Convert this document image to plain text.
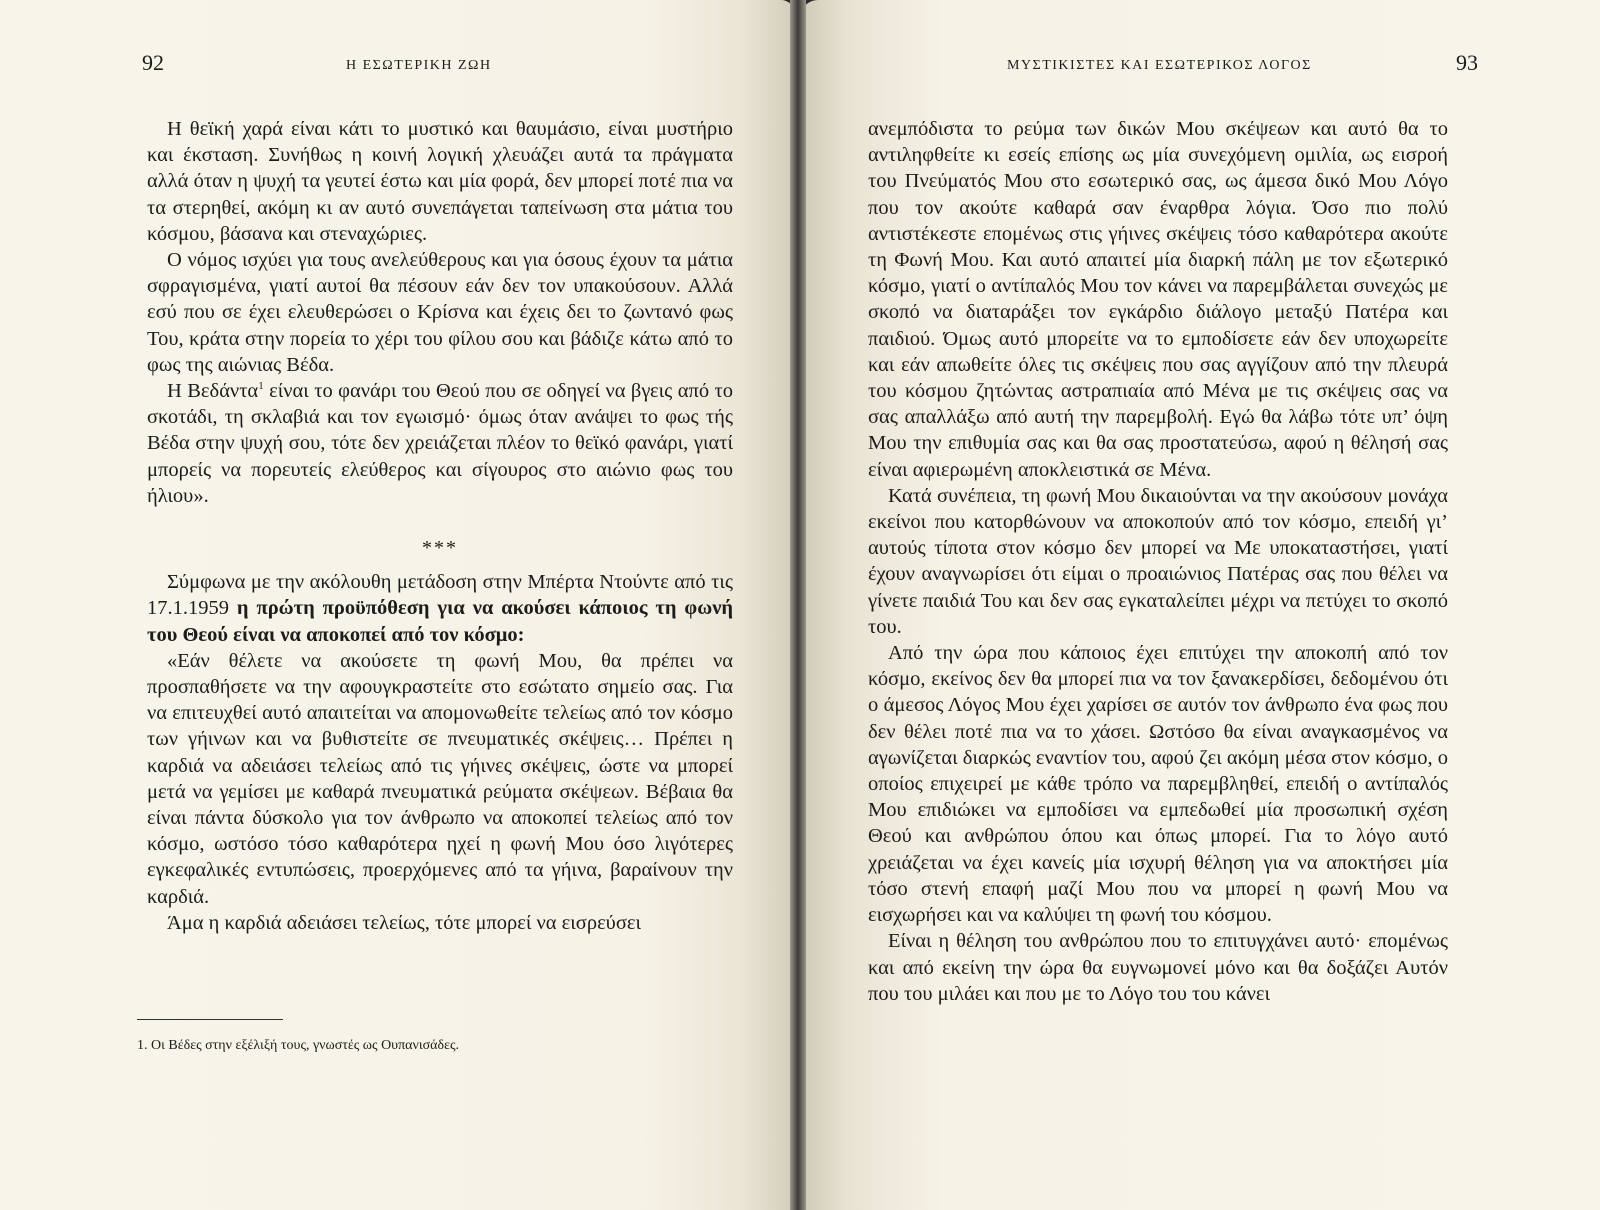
92	Η ΕΣΩΤΕΡΙΚΗ ΖΩΗ

Η θεϊκή χαρά είναι κάτι το μυστικό και θαυμάσιο, είναι μυστήριο και έκσταση. Συνήθως η κοινή λογική χλευάζει αυτά τα πράγματα αλλά όταν η ψυχή τα γευτεί έστω και μία φορά, δεν μπορεί ποτέ πια να τα στερηθεί, ακόμη κι αν αυτό συνεπάγεται ταπείνωση στα μάτια του κόσμου, βάσανα και στεναχώριες.

Ο νόμος ισχύει για τους ανελεύθερους και για όσους έχουν τα μάτια σφραγισμένα, γιατί αυτοί θα πέσουν εάν δεν τον υπακούσουν. Αλλά εσύ που σε έχει ελευθερώσει ο Κρίσνα και έχεις δει το ζωντανό φως Του, κράτα στην πορεία το χέρι του φίλου σου και βάδιζε κάτω από το φως της αιώνιας Βέδα.

Η Βεδάντα$^1$ είναι το φανάρι του Θεού που σε οδηγεί να βγεις από το σκοτάδι, τη σκλαβιά και τον εγωισμό· όμως όταν ανάψει το φως τής Βέδα στην ψυχή σου, τότε δεν χρειάζεται πλέον το θεϊκό φανάρι, γιατί μπορείς να πορευτείς ελεύθερος και σίγουρος στο αιώνιο φως του ήλιου».

***

Σύμφωνα με την ακόλουθη μετάδοση στην Μπέρτα Ντούντε από τις 17.1.1959 η πρώτη προϋπόθεση για να ακούσει κάποιος τη φωνή του Θεού είναι να αποκοπεί από τον κόσμο:

«Εάν θέλετε να ακούσετε τη φωνή Μου, θα πρέπει να προσπαθήσετε να την αφουγκραστείτε στο εσώτατο σημείο σας. Για να επιτευχθεί αυτό απαιτείται να απομονωθείτε τελείως από τον κόσμο των γήινων και να βυθιστείτε σε πνευματικές σκέψεις… Πρέπει η καρδιά να αδειάσει τελείως από τις γήινες σκέψεις, ώστε να μπορεί μετά να γεμίσει με καθαρά πνευματικά ρεύματα σκέψεων. Βέβαια θα είναι πάντα δύσκολο για τον άνθρωπο να αποκοπεί τελείως από τον κόσμο, ωστόσο τόσο καθαρότερα ηχεί η φωνή Μου όσο λιγότερες εγκεφαλικές εντυπώσεις, προερχόμενες από τα γήινα, βαραίνουν την καρδιά.

Άμα η καρδιά αδειάσει τελείως, τότε μπορεί να εισρεύσει

1. Οι Βέδες στην εξέλιξή τους, γνωστές ως Ουπανισάδες.
ΜΥΣΤΙΚΙΣΤΕΣ ΚΑΙ ΕΣΩΤΕΡΙΚΟΣ ΛΟΓΟΣ	93

ανεμπόδιστα το ρεύμα των δικών Μου σκέψεων και αυτό θα το αντιληφθείτε κι εσείς επίσης ως μία συνεχόμενη ομιλία, ως εισροή του Πνεύματός Μου στο εσωτερικό σας, ως άμεσα δικό Μου Λόγο που τον ακούτε καθαρά σαν έναρθρα λόγια. Όσο πιο πολύ αντιστέκεστε επομένως στις γήινες σκέψεις τόσο καθαρότερα ακούτε τη Φωνή Μου. Και αυτό απαιτεί μία διαρκή πάλη με τον εξωτερικό κόσμο, γιατί ο αντίπαλός Μου τον κάνει να παρεμβάλεται συνεχώς με σκοπό να διαταράξει τον εγκάρδιο διάλογο μεταξύ Πατέρα και παιδιού. Όμως αυτό μπορείτε να το εμποδίσετε εάν δεν υποχωρείτε και εάν απωθείτε όλες τις σκέψεις που σας αγγίζουν από την πλευρά του κόσμου ζητώντας αστραπιαία από Μένα με τις σκέψεις σας να σας απαλλάξω από αυτή την παρεμβολή. Εγώ θα λάβω τότε υπ’ όψη Μου την επιθυμία σας και θα σας προστατεύσω, αφού η θέλησή σας είναι αφιερωμένη αποκλειστικά σε Μένα.

Κατά συνέπεια, τη φωνή Μου δικαιούνται να την ακούσουν μονάχα εκείνοι που κατορθώνουν να αποκοπούν από τον κόσμο, επειδή γι’ αυτούς τίποτα στον κόσμο δεν μπορεί να Με υποκαταστήσει, γιατί έχουν αναγνωρίσει ότι είμαι ο προαιώνιος Πατέρας σας που θέλει να γίνετε παιδιά Του και δεν σας εγκαταλείπει μέχρι να πετύχει το σκοπό του.

Από την ώρα που κάποιος έχει επιτύχει την αποκοπή από τον κόσμο, εκείνος δεν θα μπορεί πια να τον ξανακερδίσει, δεδομένου ότι ο άμεσος Λόγος Μου έχει χαρίσει σε αυτόν τον άνθρωπο ένα φως που δεν θέλει ποτέ πια να το χάσει. Ωστόσο θα είναι αναγκασμένος να αγωνίζεται διαρκώς εναντίον του, αφού ζει ακόμη μέσα στον κόσμο, ο οποίος επιχειρεί με κάθε τρόπο να παρεμβληθεί, επειδή ο αντίπαλός Μου επιδιώκει να εμποδίσει να εμπεδωθεί μία προσωπική σχέση Θεού και ανθρώπου όπου και όπως μπορεί. Για το λόγο αυτό χρειάζεται να έχει κανείς μία ισχυρή θέληση για να αποκτήσει μία τόσο στενή επαφή μαζί Μου που να μπορεί η φωνή Μου να εισχωρήσει και να καλύψει τη φωνή του κόσμου.

Είναι η θέληση του ανθρώπου που το επιτυγχάνει αυτό· επομένως και από εκείνη την ώρα θα ευγνωμονεί μόνο και θα δοξάζει Αυτόν που του μιλάει και που με το Λόγο του του κάνει
